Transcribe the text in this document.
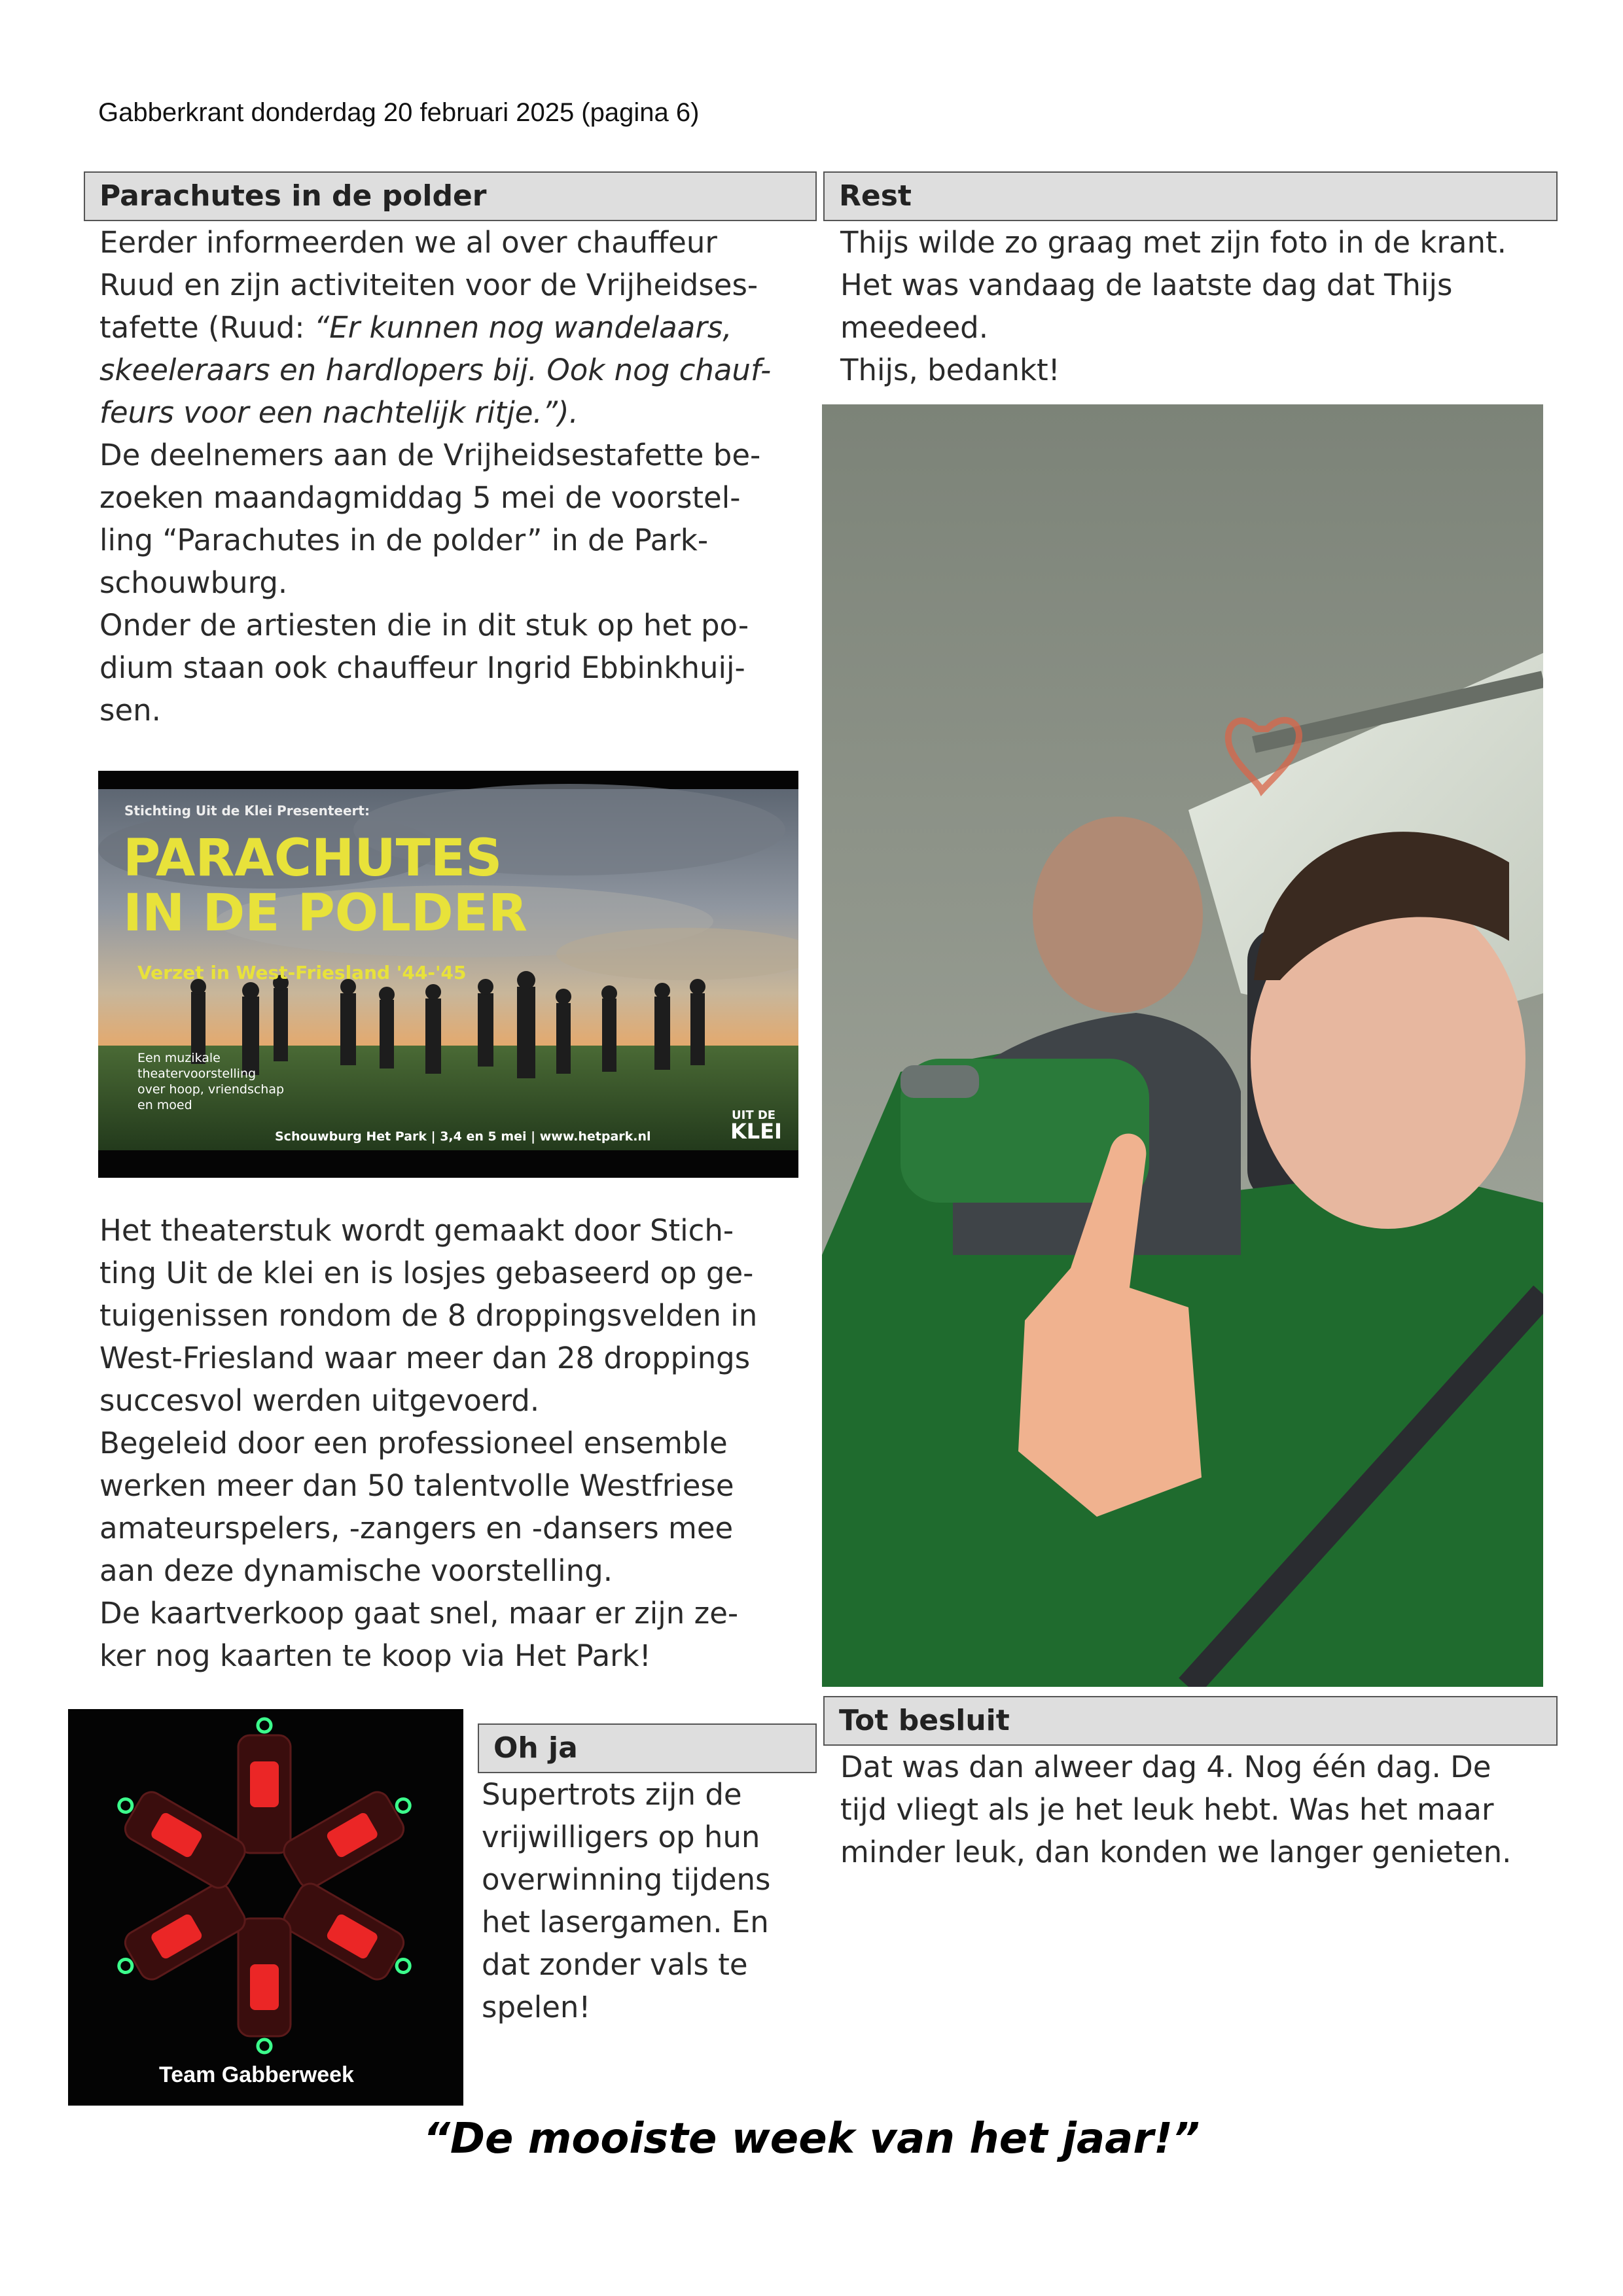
Gabberkrant donderdag 20 februari 2025 (pagina 6)
Parachutes in de polder

Eerder informeerden we al over chauffeur

Ruud en zijn activiteiten voor de Vrijheidses-

tafette (Ruud: “Er kunnen nog wandelaars,

skeeleraars en hardlopers bij. Ook nog chauf-

feurs voor een nachtelijk ritje.”).

De deelnemers aan de Vrijheidsestafette be-

zoeken maandagmiddag 5 mei de voorstel-

ling “Parachutes in de polder” in de Park-

schouwburg.

Onder de artiesten die in dit stuk op het po-

dium staan ook chauffeur Ingrid Ebbinkhuij-

sen.

Stichting Uit de Klei Presenteert:
PARACHUTES
IN DE POLDER
Verzet in West-Friesland '44-'45
Een muzikale
theatervoorstelling
over hoop, vriendschap
en moed
Schouwburg Het Park | 3,4 en 5 mei | www.hetpark.nl
UIT DE
KLEI

Het theaterstuk wordt gemaakt door Stich-

ting Uit de klei en is losjes gebaseerd op ge-

tuigenissen rondom de 8 droppingsvelden in

West-Friesland waar meer dan 28 droppings

succesvol werden uitgevoerd.

Begeleid door een professioneel ensemble

werken meer dan 50 talentvolle Westfriese

amateurspelers, -zangers en -dansers mee

aan deze dynamische voorstelling.

De kaartverkoop gaat snel, maar er zijn ze-

ker nog kaarten te koop via Het Park!

Team Gabberweek
Oh ja

Supertrots zijn de

vrijwilligers op hun

overwinning tijdens

het lasergamen. En

dat zonder vals te

spelen!

Rest

Thijs wilde zo graag met zijn foto in de krant.

Het was vandaag de laatste dag dat Thijs

meedeed.

Thijs, bedankt!

Tot besluit

Dat was dan alweer dag 4. Nog één dag. De

tijd vliegt als je het leuk hebt. Was het maar

minder leuk, dan konden we langer genieten.

“De mooiste week van het jaar!”
